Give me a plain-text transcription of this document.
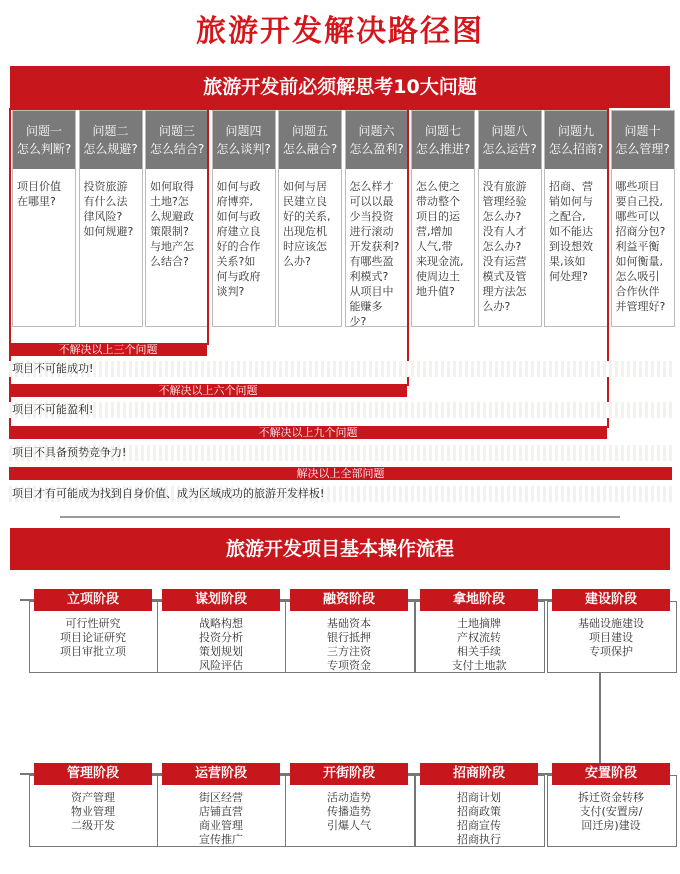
旅游开发解决路径图
旅游开发前必须解思考10大问题
问题一
怎么判断?
项目价值
在哪里?
问题二
怎么规避?
投资旅游
有什么法
律风险?
如何规避?
问题三
怎么结合?
如何取得
土地?怎
么规避政
策限制?
与地产怎
么结合?
问题四
怎么谈判?
如何与政
府博弈,
如何与政
府建立良
好的合作
关系?如
何与政府
谈判?
问题五
怎么融合?
如何与居
民建立良
好的关系,
出现危机
时应该怎
么办?
问题六
怎么盈利?
怎么样才
可以以最
少当投资
进行滚动
开发获利?
有哪些盈
利模式?
从项目中
能赚多
少?
问题七
怎么推进?
怎么使之
带动整个
项目的运
营,增加
人气,带
来现金流,
使周边土
地升值?
问题八
怎么运营?
没有旅游
管理经验
怎么办?
没有人才
怎么办?
没有运营
模式及管
理方法怎
么办?
问题九
怎么招商?
招商、营
销如何与
之配合,
如不能达
到设想效
果,该如
何处理?
问题十
怎么管理?
哪些项目
要自己投,
哪些可以
招商分包?
利益平衡
如何衡量,
怎么吸引
合作伙伴
并管理好?
不解决以上三个问题
项目不可能成功!
不解决以上六个问题
项目不可能盈利!
不解决以上九个问题
项目不具备预势竞争力!
解决以上全部问题
项目才有可能成为找到自身价值、成为区域成功的旅游开发样板!
旅游开发项目基本操作流程
立项阶段
可行性研究
项目论证研究
项目审批立项
谋划阶段
战略构想
投资分析
策划规划
风险评估
融资阶段
基础资本
银行抵押
三方注资
专项资金
拿地阶段
土地摘牌
产权流转
相关手续
支付土地款
建设阶段
基础设施建设
项目建设
专项保护
管理阶段
资产管理
物业管理
二级开发
运营阶段
街区经营
店铺直营
商业管理
宣传推广
开街阶段
活动造势
传播造势
引爆人气
招商阶段
招商计划
招商政策
招商宣传
招商执行
安置阶段
拆迁资金转移
支付(安置房/
回迁房)建设
